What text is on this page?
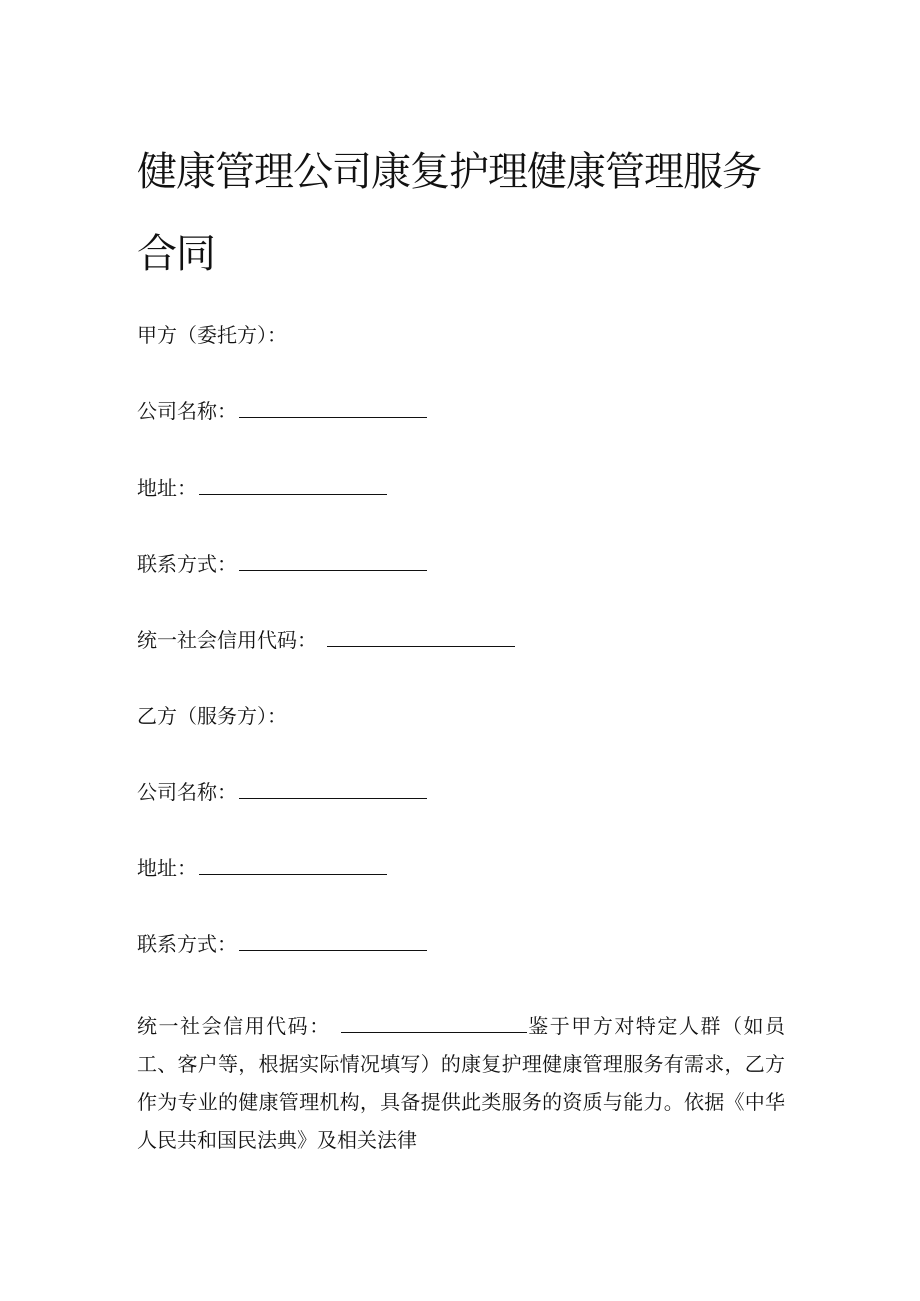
健康管理公司康复护理健康管理服务合同
甲方（委托方）：
公司名称：
地址：
联系方式：
统一社会信用代码：
乙方（服务方）：
公司名称：
地址：
联系方式：
统一社会信用代码：	鉴于甲方对特定人群（如员工、客户等，根据实际情况填写）的康复护理健康管理服务有需求，乙方作为专业的健康管理机构，具备提供此类服务的资质与能力。依据《中华人民共和国民法典》及相关法律
